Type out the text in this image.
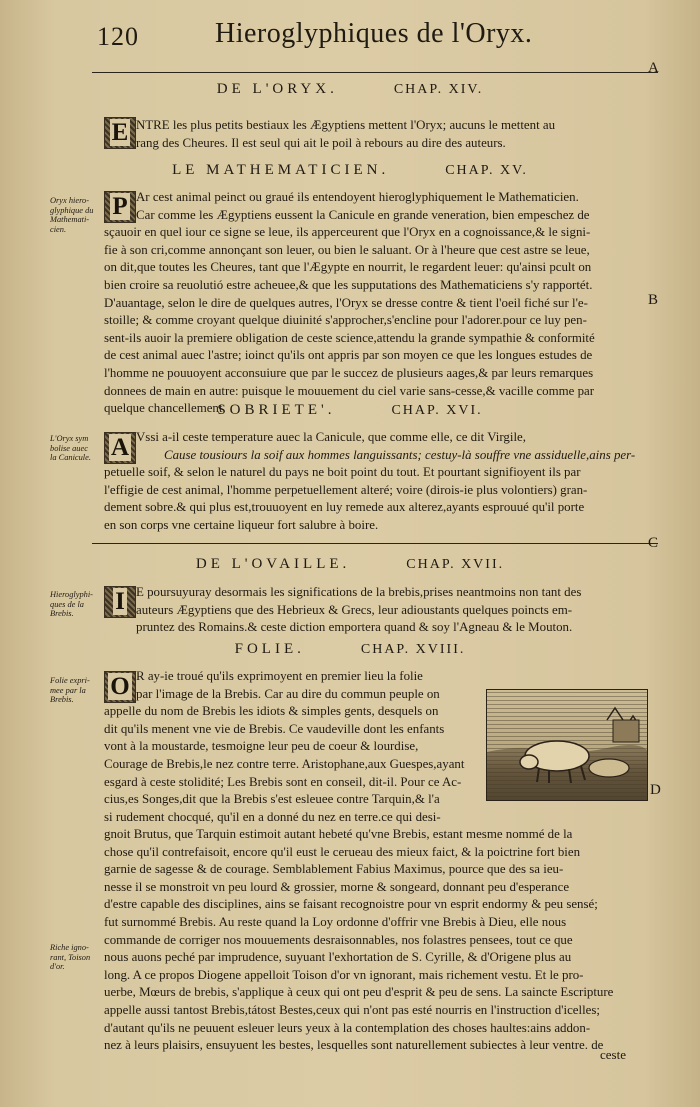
120	Hieroglyphiques de l'Oryx.
A
DE L'ORYX.	CHAP. XIV.
E NTRE les plus petits bestiaux les Ægyptiens mettent l'Oryx; aucuns le mettent au
rang des Cheures. Il est seul qui ait le poil à rebours au dire des auteurs.
LE MATHEMATICIEN.	CHAP. XV.
Oryx hiero-
glyphique du
Mathemati-
cien.
P Ar cest animal peinct ou graué ils entendoyent hieroglyphiquement le Mathematicien.
Car comme les Ægyptiens eussent la Canicule en grande veneration, bien empeschez de
sçauoir en quel iour ce signe se leue, ils apperceurent que l'Oryx en a cognoissance,& le signi-
fie à son cri,comme annonçant son leuer, ou bien le saluant. Or à l'heure que cest astre se leue,
on dit,que toutes les Cheures, tant que l'Ægypte en nourrit, le regardent leuer: qu'ainsi pcult on
bien croire sa reuolutió estre acheuee,& que les supputations des Mathematiciens s'y rapportét.
D'auantage, selon le dire de quelques autres, l'Oryx se dresse contre & tient l'oeil fiché sur l'e-
stoille; & comme croyant quelque diuinité s'approcher,s'encline pour l'adorer.pour ce luy pen-
sent-ils auoir la premiere obligation de ceste science,attendu la grande sympathie & conformité
de cest animal auec l'astre; ioinct qu'ils ont appris par son moyen ce que les longues estudes de
l'homme ne pouuoyent acconsuiure que par le succez de plusieurs aages,& par leurs remarques
donnees de main en autre: puisque le mouuement du ciel varie sans-cesse,& vacille comme par
quelque chancellement.
B
SOBRIETE'.	CHAP. XVI.
L'Oryx sym
bolise auec
la Canicule. A Vssi a-il ceste temperature auec la Canicule, que comme elle, ce dit Virgile,
Cause tousiours la soif aux hommes languissants; cestuy-là souffre vne assiduelle,ains per-
petuelle soif, & selon le naturel du pays ne boit point du tout. Et pourtant signifioyent ils par
l'effigie de cest animal, l'homme perpetuellement alteré; voire (dirois-ie plus volontiers) gran-
dement sobre.& qui plus est,trouuoyent en luy remede aux alterez,ayants esprouué qu'il porte
en son corps vne certaine liqueur fort salubre à boire.
C
DE L'OVAILLE.	CHAP. XVII.
Hieroglyphi-
ques de la
Brebis.	I E poursuyuray desormais les significations de la brebis,prises neantmoins non tant des
auteurs Ægyptiens que des Hebrieux & Grecs, leur adioustants quelques poincts em-
pruntez des Romains.& ceste diction emportera quand & soy l'Agneau & le Mouton.
FOLIE.	CHAP. XVIII.
Folie expri-
mee par la
Brebis.	O R ay-ie troué qu'ils exprimoyent en premier lieu la folie
par l'image de la Brebis. Car au dire du commun peuple on
appelle du nom de Brebis les idiots & simples gents, desquels on
dit qu'ils menent vne vie de Brebis. Ce vaudeville dont les enfants
vont à la moustarde, tesmoigne leur peu de coeur & lourdise,
Courage de Brebis,le nez contre terre. Aristophane,aux Guespes,ayant
esgard à ceste stolidité; Les Brebis sont en conseil, dit-il. Pour ce Ac-
cius,es Songes,dit que la Brebis s'est esleuee contre Tarquin,& l'a
si rudement chocqué, qu'il en a donné du nez en terre.ce qui desi-
D
Riche igno-
rant, Toison
d'or.
gnoit Brutus, que Tarquin estimoit autant hebeté qu'vne Brebis, estant mesme nommé de la
chose qu'il contrefaisoit, encore qu'il eust le cerueau des mieux faict, & la poictrine fort bien
garnie de sagesse & de courage. Semblablement Fabius Maximus, pource que des sa ieu-
nesse il se monstroit vn peu lourd & grossier, morne & songeard, donnant peu d'esperance
d'estre capable des disciplines, ains se faisant recognoistre pour vn esprit endormy & peu sensé;
fut surnommé Brebis. Au reste quand la Loy ordonne d'offrir vne Brebis à Dieu, elle nous
commande de corriger nos mouuements desraisonnables, nos folastres pensees, tout ce que
nous auons peché par imprudence, suyuant l'exhortation de S. Cyrille, & d'Origene plus au
long. A ce propos Diogene appelloit Toison d'or vn ignorant, mais richement vestu. Et le pro-
uerbe, Mœurs de brebis, s'applique à ceux qui ont peu d'esprit & peu de sens. La saincte Escripture
appelle aussi tantost Brebis,tátost Bestes,ceux qui n'ont pas esté nourris en l'instruction d'icelles;
d'autant qu'ils ne peuuent esleuer leurs yeux à la contemplation des choses haultes:ains addon-
nez à leurs plaisirs, ensuyuent les bestes, lesquelles sont naturellement subiectes à leur ventre. de
ceste
